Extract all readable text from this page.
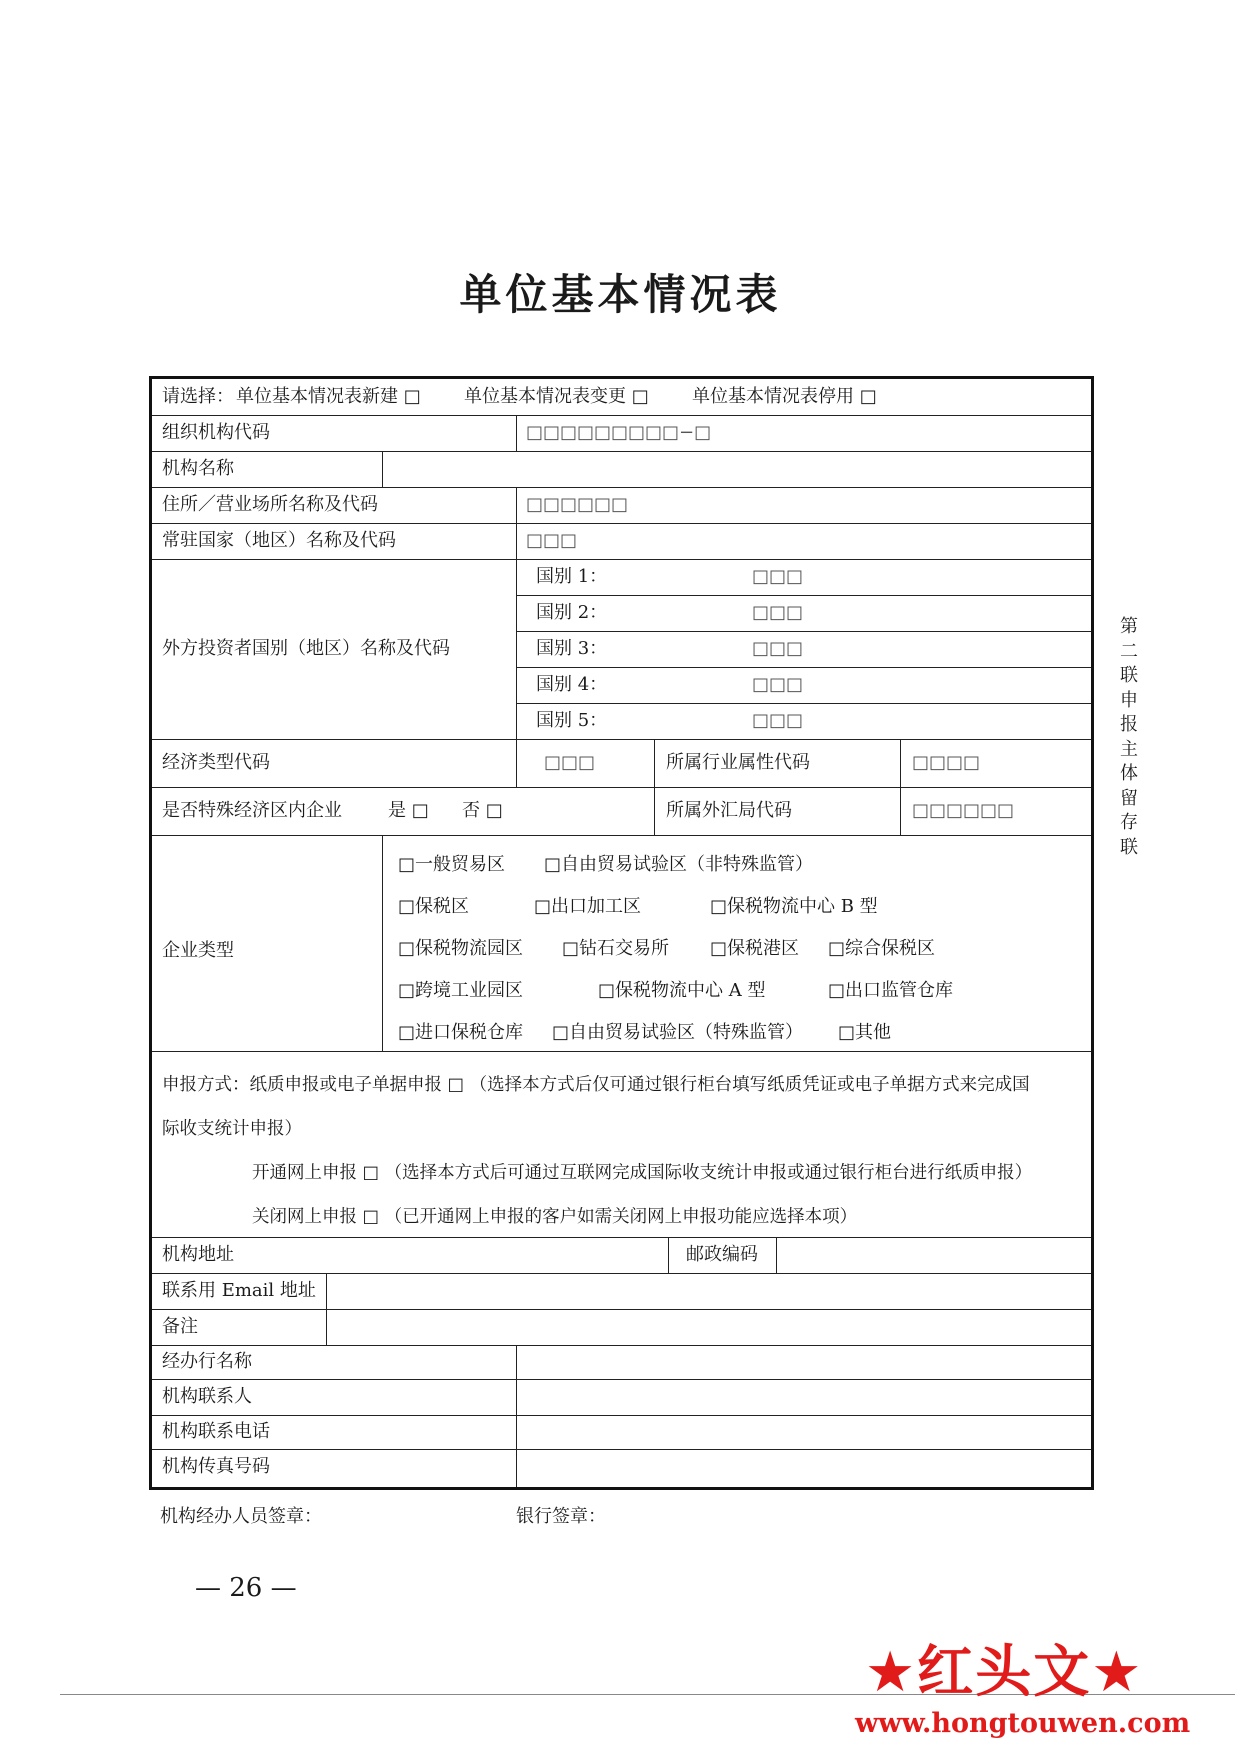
单位基本情况表
请选择： 单位基本情况表新建 □ 单位基本情况表变更 □ 单位基本情况表停用 □
组织机构代码	□□□□□□□□□−□
机构名称
住所／营业场所名称及代码	□□□□□□
常驻国家（地区）名称及代码	□□□
外方投资者国别（地区）名称及代码
国别 1：	□□□
国别 2：	□□□
国别 3：	□□□
国别 4：	□□□
国别 5：	□□□
经济类型代码	□□□	所属行业属性代码	□□□□
是否特殊经济区内企业	是 □ 否 □	所属外汇局代码	□□□□□□
企业类型
□一般贸易区 □自由贸易试验区（非特殊监管）
□保税区	□出口加工区	□保税物流中心 B 型
□保税物流园区 □钻石交易所 □保税港区 □综合保税区
□跨境工业园区	□保税物流中心 A 型	□出口监管仓库
□进口保税仓库 □自由贸易试验区（特殊监管） □其他
申报方式：纸质申报或电子单据申报 □ （选择本方式后仅可通过银行柜台填写纸质凭证或电子单据方式来完成国
际收支统计申报）
开通网上申报 □ （选择本方式后可通过互联网完成国际收支统计申报或通过银行柜台进行纸质申报）
关闭网上申报 □ （已开通网上申报的客户如需关闭网上申报功能应选择本项）
机构地址	邮政编码
联系用 Email 地址
备注
经办行名称
机构联系人
机构联系电话
机构传真号码
机构经办人员签章：	银行签章：
第二联申报主体留存联
— 26 —
★红头文★
www.hongtouwen.com
